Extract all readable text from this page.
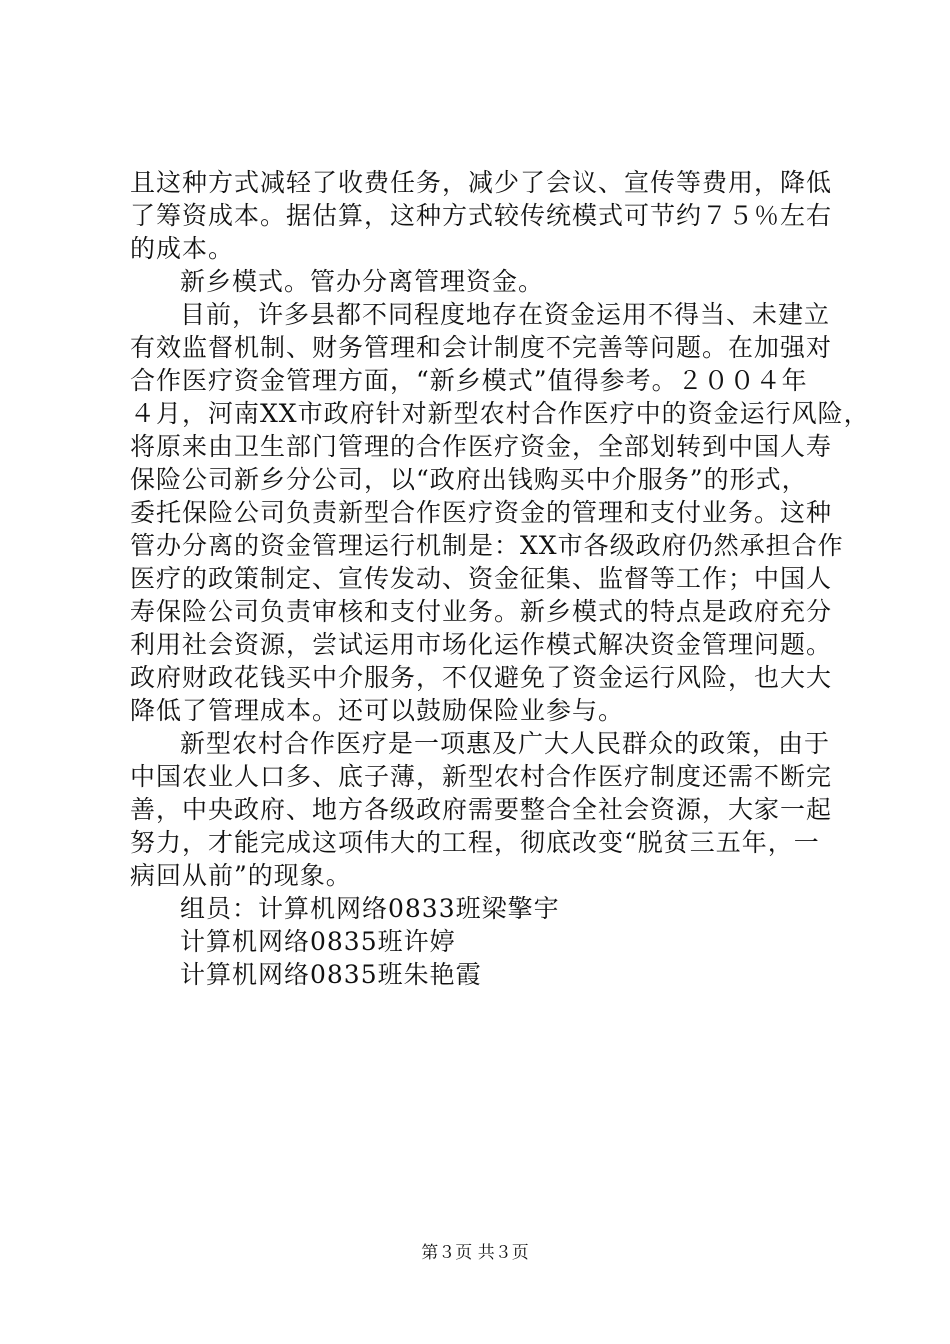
且这种方式减轻了收费任务，减少了会议、宣传等费用，降低
了筹资成本。据估算，这种方式较传统模式可节约７５％左右
的成本。
新乡模式。管办分离管理资金。
目前，许多县都不同程度地存在资金运用不得当、未建立
有效监督机制、财务管理和会计制度不完善等问题。在加强对
合作医疗资金管理方面，“新乡模式”值得参考。２００４年
４月，河南XX市政府针对新型农村合作医疗中的资金运行风险，
将原来由卫生部门管理的合作医疗资金，全部划转到中国人寿
保险公司新乡分公司，以“政府出钱购买中介服务”的形式，
委托保险公司负责新型合作医疗资金的管理和支付业务。这种
管办分离的资金管理运行机制是：XX市各级政府仍然承担合作
医疗的政策制定、宣传发动、资金征集、监督等工作；中国人
寿保险公司负责审核和支付业务。新乡模式的特点是政府充分
利用社会资源，尝试运用市场化运作模式解决资金管理问题。
政府财政花钱买中介服务，不仅避免了资金运行风险，也大大
降低了管理成本。还可以鼓励保险业参与。
新型农村合作医疗是一项惠及广大人民群众的政策，由于
中国农业人口多、底子薄，新型农村合作医疗制度还需不断完
善，中央政府、地方各级政府需要整合全社会资源，大家一起
努力，才能完成这项伟大的工程，彻底改变“脱贫三五年，一
病回从前”的现象。
组员：计算机网络0833班梁擎宇
计算机网络0835班许婷
计算机网络0835班朱艳霞
第３页 共３页
